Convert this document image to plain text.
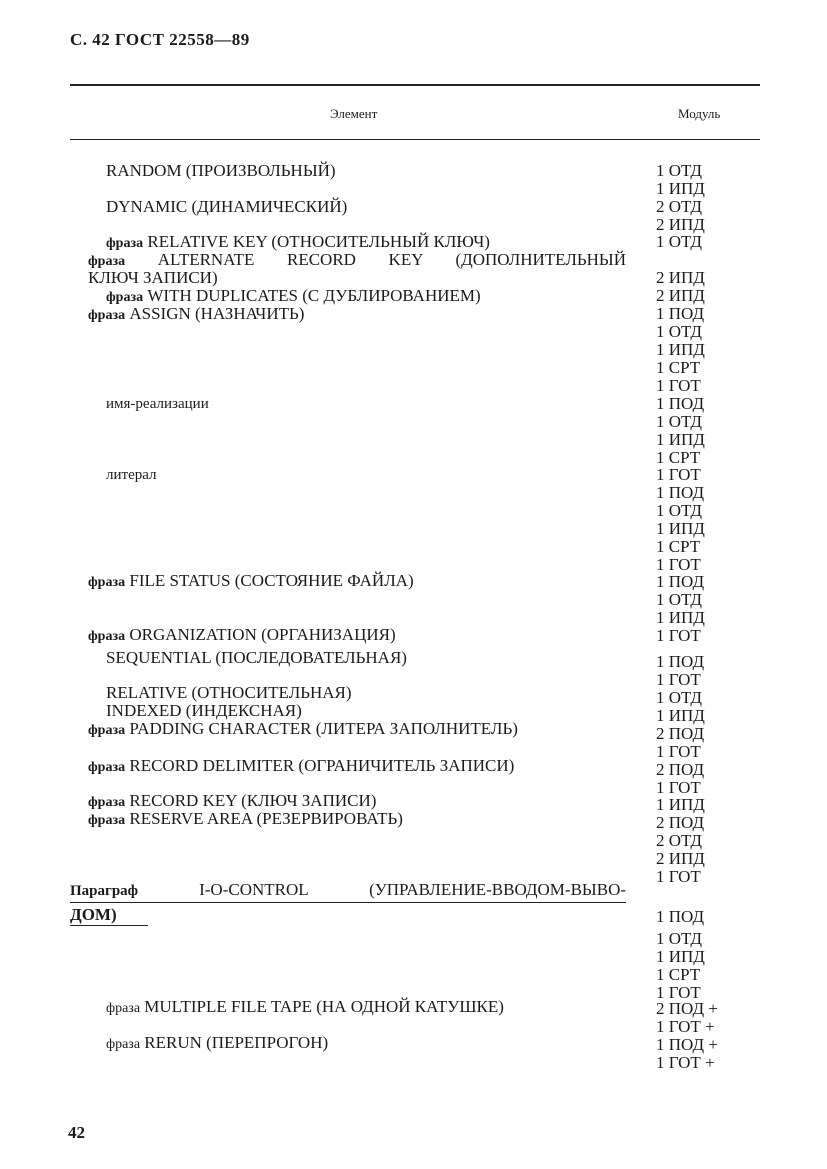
С. 42 ГОСТ 22558—89
Элемент	Модуль
RANDOM (ПРОИЗВОЛЬНЫЙ)
DYNAMIC (ДИНАМИЧЕСКИЙ)
фраза RELATIVE KEY (ОТНОСИТЕЛЬНЫЙ КЛЮЧ)
фраза ALTERNATE RECORD KEY (ДОПОЛНИТЕЛЬНЫЙ
КЛЮЧ ЗАПИСИ)
фраза WITH DUPLICATES (С ДУБЛИРОВАНИЕМ)
фраза ASSIGN (НАЗНАЧИТЬ)
имя-реализации
литерал
фраза FILE STATUS (СОСТОЯНИЕ ФАЙЛА)
фраза ORGANIZATION (ОРГАНИЗАЦИЯ)
SEQUENTIAL (ПОСЛЕДОВАТЕЛЬНАЯ)
RELATIVE (ОТНОСИТЕЛЬНАЯ)
INDEXED (ИНДЕКСНАЯ)
фраза PADDING CHARACTER (ЛИТЕРА ЗАПОЛНИТЕЛЬ)
фраза RECORD DELIMITER (ОГРАНИЧИТЕЛЬ ЗАПИСИ)
фраза RECORD KEY (КЛЮЧ ЗАПИСИ)
фраза RESERVE AREA (РЕЗЕРВИРОВАТЬ)
Параграф	I-O-CONTROL (УПРАВЛЕНИЕ-ВВОДОМ-ВЫВО-
ДОМ)
фраза MULTIPLE FILE TAPE (НА ОДНОЙ КАТУШКЕ)
фраза RERUN (ПЕРЕПРОГОН)
1 ОТД
1 ИПД
2 ОТД
2 ИПД
1 ОТД
2 ИПД
2 ИПД
1 ПОД
1 ОТД
1 ИПД
1 СРТ
1 ГОТ
1 ПОД
1 ОТД
1 ИПД
1 СРТ
1 ГОТ
1 ПОД
1 ОТД
1 ИПД
1 СРТ
1 ГОТ
1 ПОД
1 ОТД
1 ИПД
1 ГОТ
1 ПОД
1 ГОТ
1 ОТД
1 ИПД
2 ПОД
1 ГОТ
2 ПОД
1 ГОТ
1 ИПД
2 ПОД
2 ОТД
2 ИПД
1 ГОТ
1 ПОД
1 ОТД
1 ИПД
1 СРТ
1 ГОТ
2 ПОД +
1 ГОТ +
1 ПОД +
1 ГОТ +
42
